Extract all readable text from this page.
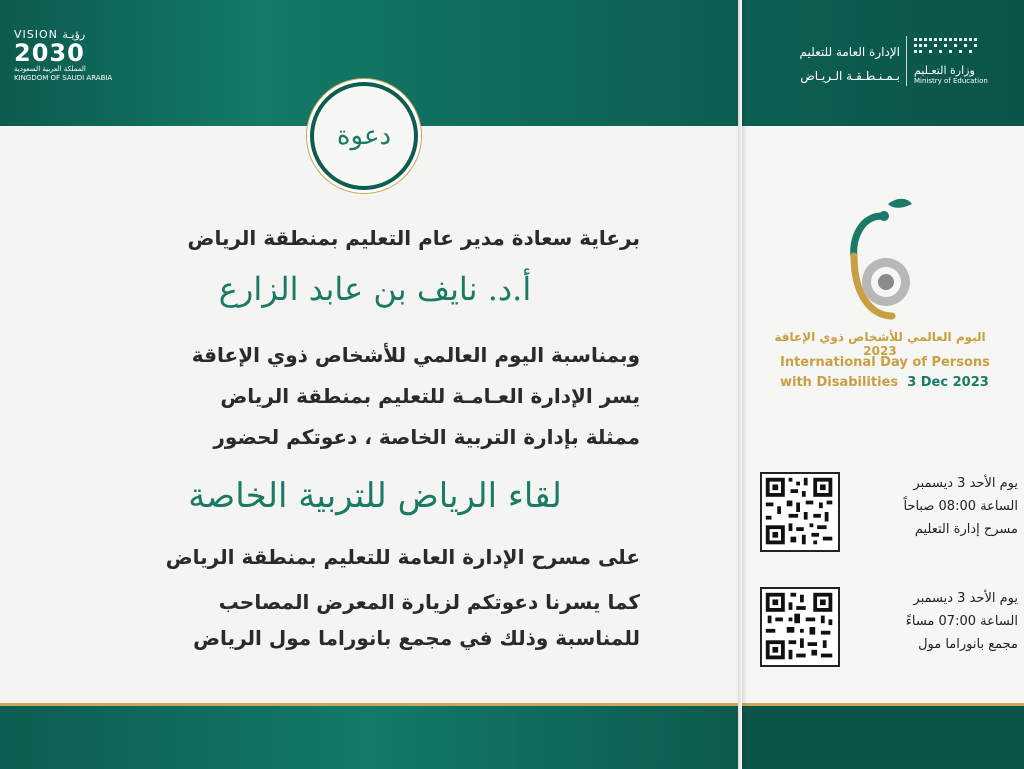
VISION رؤيـة
2030
المملكة العربية السعودية
KINGDOM OF SAUDI ARABIA
الإدارة العامة للتعليم
بـمـنـطـقـة الـريـاض وزارة التعـليم
Ministry of Education
دعوة
برعاية سعادة مدير عام التعليم بمنطقة الرياض
أ.د. نايف بن عابد الزارع
وبمناسبة اليوم العالمي للأشخاص ذوي الإعاقة
يسر الإدارة العـامـة للتعليم بمنطقة الرياض
ممثلة بإدارة التربية الخاصة ، دعوتكم لحضور
لقاء الرياض للتربية الخاصة
على مسرح الإدارة العامة للتعليم بمنطقة الرياض
كما يسرنا دعوتكم لزيارة المعرض المصاحب
للمناسبة وذلك في مجمع بانوراما مول الرياض
اليوم العالمي للأشخاص ذوي الإعاقة 2023
International Day of Persons
with Disabilities 3 Dec 2023
يوم الأحد 3 ديسمبر
الساعة 08:00 صباحاً
مسرح إدارة التعليم
يوم الأحد 3 ديسمبر
الساعة 07:00 مساءً
مجمع بانوراما مول
